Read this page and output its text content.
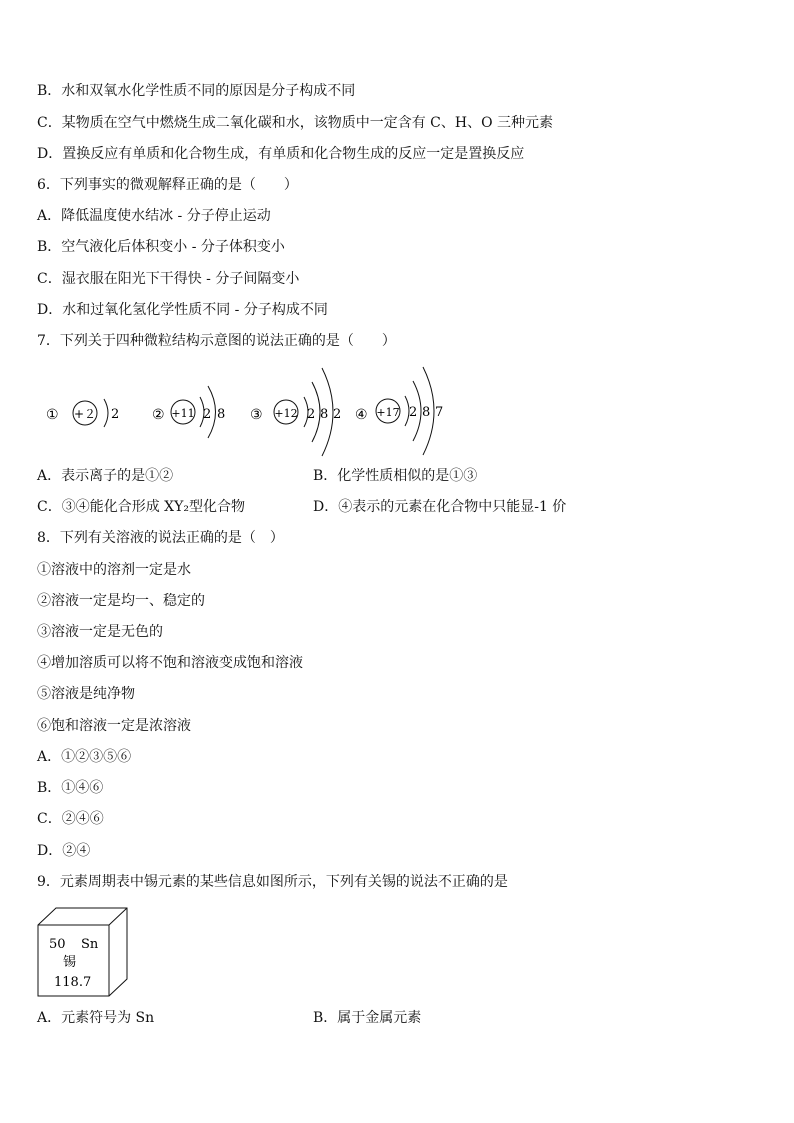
B．水和双氧水化学性质不同的原因是分子构成不同
C．某物质在空气中燃烧生成二氧化碳和水，该物质中一定含有 C、H、O 三种元素
D．置换反应有单质和化合物生成，有单质和化合物生成的反应一定是置换反应
6．下列事实的微观解释正确的是（　　）
A．降低温度使水结冰 - 分子停止运动
B．空气液化后体积变小 - 分子体积变小
C．湿衣服在阳光下干得快 - 分子间隔变小
D．水和过氧化氢化学性质不同 - 分子构成不同
7．下列关于四种微粒结构示意图的说法正确的是（　　）
① +２ 2 ② +11 2 8 ③ +12 2 8 2 ④ +17 2 8 7
A．表示离子的是①②	B．化学性质相似的是①③
C．③④能化合形成 XY₂型化合物	D．④表示的元素在化合物中只能显-1 价
8．下列有关溶液的说法正确的是（　）
①溶液中的溶剂一定是水
②溶液一定是均一、稳定的
③溶液一定是无色的
④增加溶质可以将不饱和溶液变成饱和溶液
⑤溶液是纯净物
⑥饱和溶液一定是浓溶液
A．①②③⑤⑥
B．①④⑥
C．②④⑥
D．②④
9．元素周期表中锡元素的某些信息如图所示，下列有关锡的说法不正确的是
50 Sn
锡
118.7
A．元素符号为 Sn	B．属于金属元素
